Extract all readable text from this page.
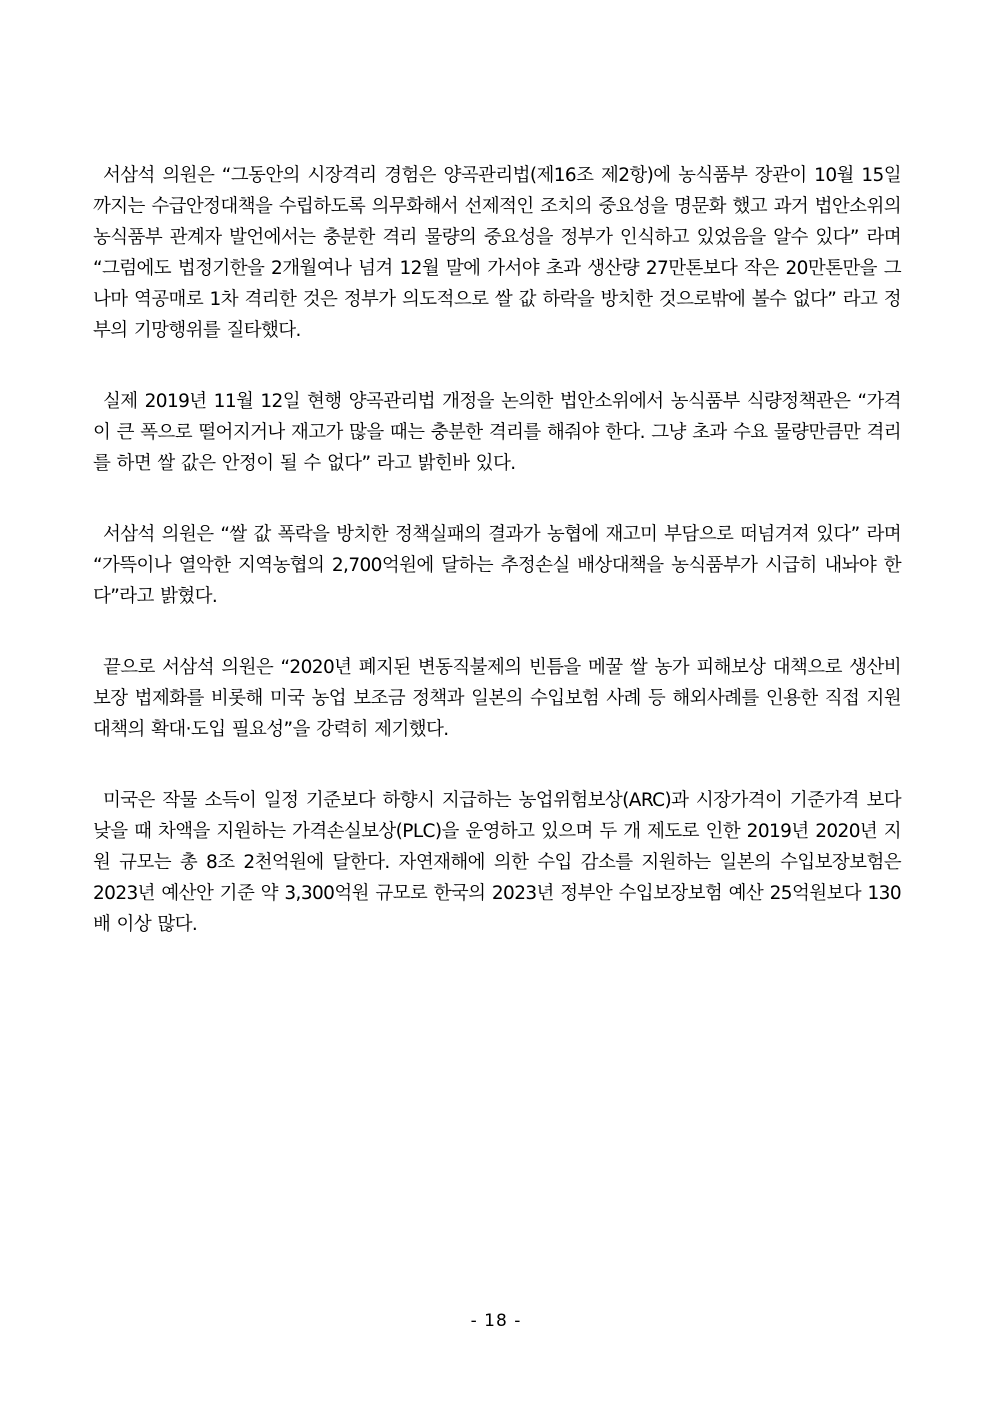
서삼석 의원은 “그동안의 시장격리 경험은 양곡관리법(제16조 제2항)에 농식품부 장관이 10월 15일까지는 수급안정대책을 수립하도록 의무화해서 선제적인 조치의 중요성을 명문화 했고 과거 법안소위의 농식품부 관계자 발언에서는 충분한 격리 물량의 중요성을 정부가 인식하고 있었음을 알수 있다” 라며 “그럼에도 법정기한을 2개월여나 넘겨 12월 말에 가서야 초과 생산량 27만톤보다 작은 20만톤만을 그나마 역공매로 1차 격리한 것은 정부가 의도적으로 쌀 값 하락을 방치한 것으로밖에 볼수 없다” 라고 정부의 기망행위를 질타했다.

실제 2019년 11월 12일 현행 양곡관리법 개정을 논의한 법안소위에서 농식품부 식량정책관은 “가격이 큰 폭으로 떨어지거나 재고가 많을 때는 충분한 격리를 해줘야 한다. 그냥 초과 수요 물량만큼만 격리를 하면 쌀 값은 안정이 될 수 없다” 라고 밝힌바 있다.

서삼석 의원은 “쌀 값 폭락을 방치한 정책실패의 결과가 농협에 재고미 부담으로 떠넘겨져 있다” 라며 “가뜩이나 열악한 지역농협의 2,700억원에 달하는 추정손실 배상대책을 농식품부가 시급히 내놔야 한다”라고 밝혔다.

끝으로 서삼석 의원은 “2020년 폐지된 변동직불제의 빈틈을 메꿀 쌀 농가 피해보상 대책으로 생산비 보장 법제화를 비롯해 미국 농업 보조금 정책과 일본의 수입보험 사례 등 해외사례를 인용한 직접 지원대책의 확대·도입 필요성”을 강력히 제기했다.

미국은 작물 소득이 일정 기준보다 하향시 지급하는 농업위험보상(ARC)과 시장가격이 기준가격 보다 낮을 때 차액을 지원하는 가격손실보상(PLC)을 운영하고 있으며 두 개 제도로 인한 2019년 2020년 지원 규모는 총 8조 2천억원에 달한다. 자연재해에 의한 수입 감소를 지원하는 일본의 수입보장보험은 2023년 예산안 기준 약 3,300억원 규모로 한국의 2023년 정부안 수입보장보험 예산 25억원보다 130배 이상 많다.

- 18 -
